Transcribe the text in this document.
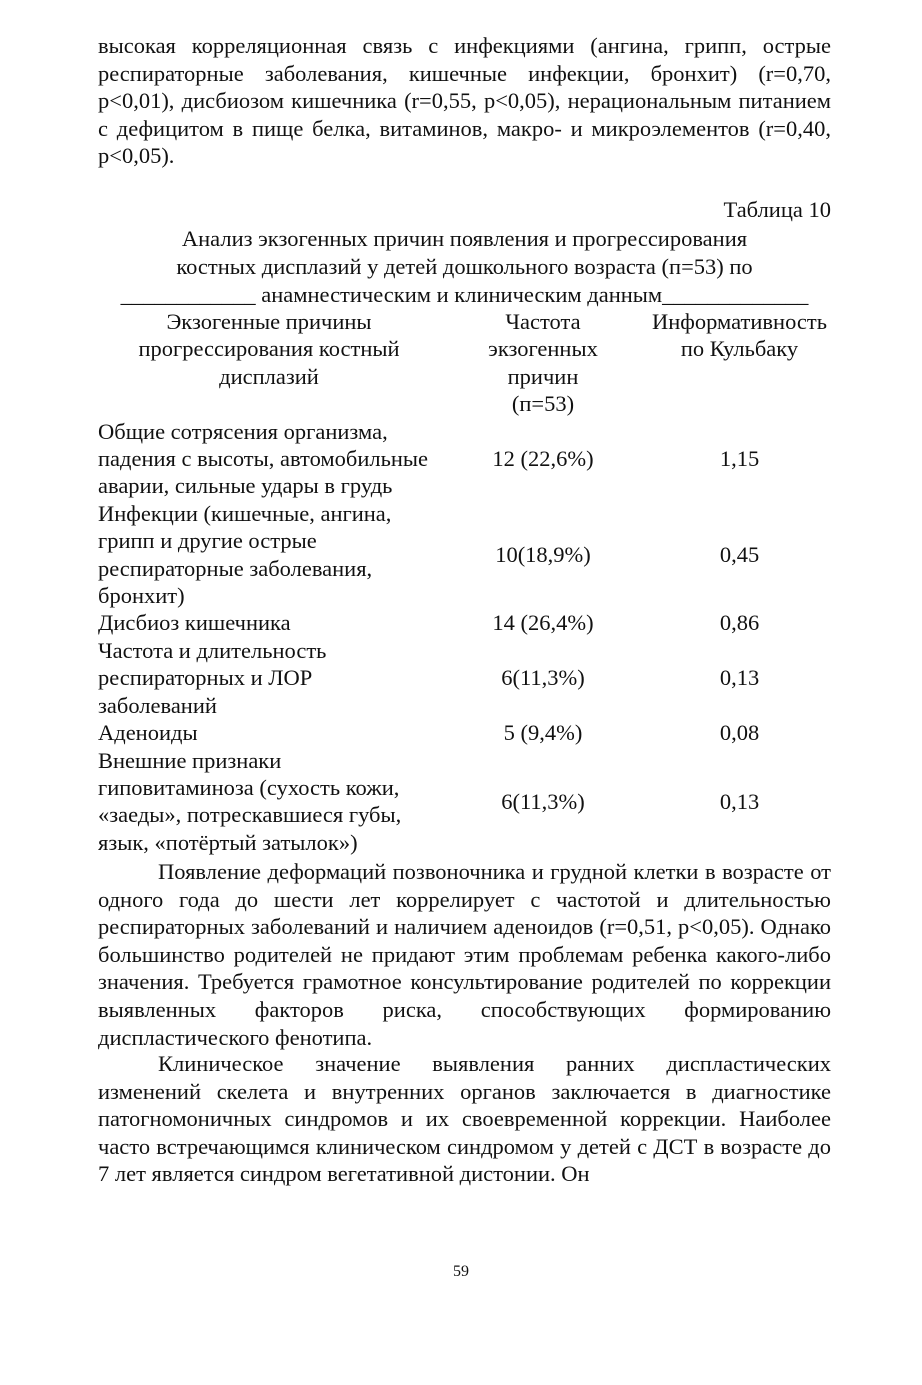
высокая корреляционная связь с инфекциями (ангина, грипп, острые респираторные заболевания, кишечные инфекции, бронхит) (r=0,70, p<0,01), дисбиозом кишечника (r=0,55, p<0,05), нерациональным питанием с дефицитом в пище белка, витаминов, макро- и микроэлементов (r=0,40, p<0,05).
Таблица 10
Анализ экзогенных причин появления и прогрессирования
костных дисплазий у детей дошкольного возраста (п=53) по
____________ анамнестическим и клиническим данным_____________
Экзогенные причины прогрессирования костный дисплазий	Частота экзогенных причин (п=53)	Информативность по Кульбаку
Общие сотрясения организма, падения с высоты, автомобильные аварии, сильные удары в грудь	12 (22,6%)	1,15
Инфекции (кишечные, ангина, грипп и другие острые респираторные заболевания, бронхит)	10(18,9%)	0,45
Дисбиоз кишечника	14 (26,4%)	0,86
Частота и длительность респираторных и ЛОР заболеваний	6(11,3%)	0,13
Аденоиды	5 (9,4%)	0,08
Внешние признаки гиповитаминоза (сухость кожи, «заеды», потрескавшиеся губы, язык, «потёртый затылок»)	6(11,3%)	0,13
Появление деформаций позвоночника и грудной клетки в возрасте от одного года до шести лет коррелирует с частотой и длительностью респираторных заболеваний и наличием аденоидов (r=0,51, p<0,05). Однако большинство родителей не придают этим проблемам ребенка какого-либо значения. Требуется грамотное консультирование родителей по коррекции выявленных факторов риска, способствующих формированию диспластического фенотипа.
Клиническое значение выявления ранних диспластических изменений скелета и внутренних органов заключается в диагностике патогномоничных синдромов и их своевременной коррекции. Наиболее часто встречающимся клиническом синдромом у детей с ДСТ в возрасте до 7 лет является синдром вегетативной дистонии. Он
59
